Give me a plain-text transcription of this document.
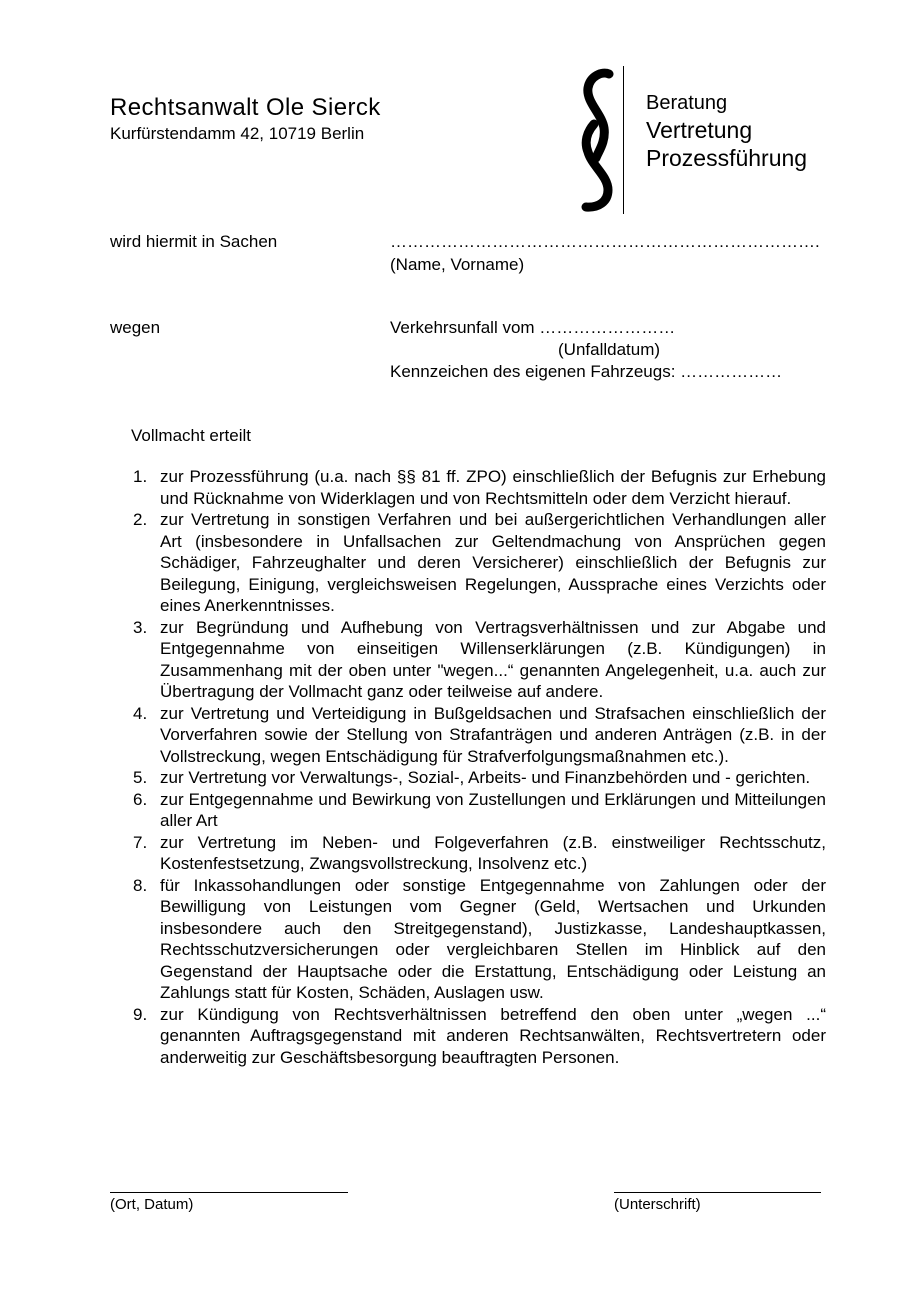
Rechtsanwalt Ole Sierck
Kurfürstendamm 42, 10719 Berlin
Beratung
Vertretung
Prozessführung
wird hiermit in Sachen	………………………………………………………………….
(Name, Vorname)
wegen	Verkehrsunfall vom ……………………
(Unfalldatum)
Kennzeichen des eigenen Fahrzeugs: ………………
Vollmacht erteilt
1. zur Prozessführung (u.a. nach §§ 81 ff. ZPO) einschließlich der Befugnis zur Erhebung und Rücknahme von Widerklagen und von Rechtsmitteln oder dem Verzicht hierauf.
2. zur Vertretung in sonstigen Verfahren und bei außergerichtlichen Verhandlungen aller Art (insbesondere in Unfallsachen zur Geltendmachung von Ansprüchen gegen Schädiger, Fahrzeughalter und deren Versicherer) einschließlich der Befugnis zur Beilegung, Einigung, vergleichsweisen Regelungen, Aussprache eines Verzichts oder eines Anerkenntnisses.
3. zur Begründung und Aufhebung von Vertragsverhältnissen und zur Abgabe und Entgegennahme von einseitigen Willenserklärungen (z.B. Kündigungen) in Zusammenhang mit der oben unter "wegen...“ genannten Angelegenheit, u.a. auch zur Übertragung der Vollmacht ganz oder teilweise auf andere.
4. zur Vertretung und Verteidigung in Bußgeldsachen und Strafsachen einschließlich der Vorverfahren sowie der Stellung von Strafanträgen und anderen Anträgen (z.B. in der Vollstreckung, wegen Entschädigung für Strafverfolgungsmaßnahmen etc.).
5. zur Vertretung vor Verwaltungs-, Sozial-, Arbeits- und Finanzbehörden und - gerichten.
6. zur Entgegennahme und Bewirkung von Zustellungen und Erklärungen und Mitteilungen aller Art
7. zur Vertretung im Neben- und Folgeverfahren (z.B. einstweiliger Rechtsschutz, Kostenfestsetzung, Zwangsvollstreckung, Insolvenz etc.)
8. für Inkassohandlungen oder sonstige Entgegennahme von Zahlungen oder der Bewilligung von Leistungen vom Gegner (Geld, Wertsachen und Urkunden insbesondere auch den Streitgegenstand), Justizkasse, Landeshauptkassen, Rechtsschutzversicherungen oder vergleichbaren Stellen im Hinblick auf den Gegenstand der Hauptsache oder die Erstattung, Entschädigung oder Leistung an Zahlungs statt für Kosten, Schäden, Auslagen usw.
9. zur Kündigung von Rechtsverhältnissen betreffend den oben unter „wegen ...“ genannten Auftragsgegenstand mit anderen Rechtsanwälten, Rechtsvertretern oder anderweitig zur Geschäftsbesorgung beauftragten Personen.
(Ort, Datum)	(Unterschrift)
